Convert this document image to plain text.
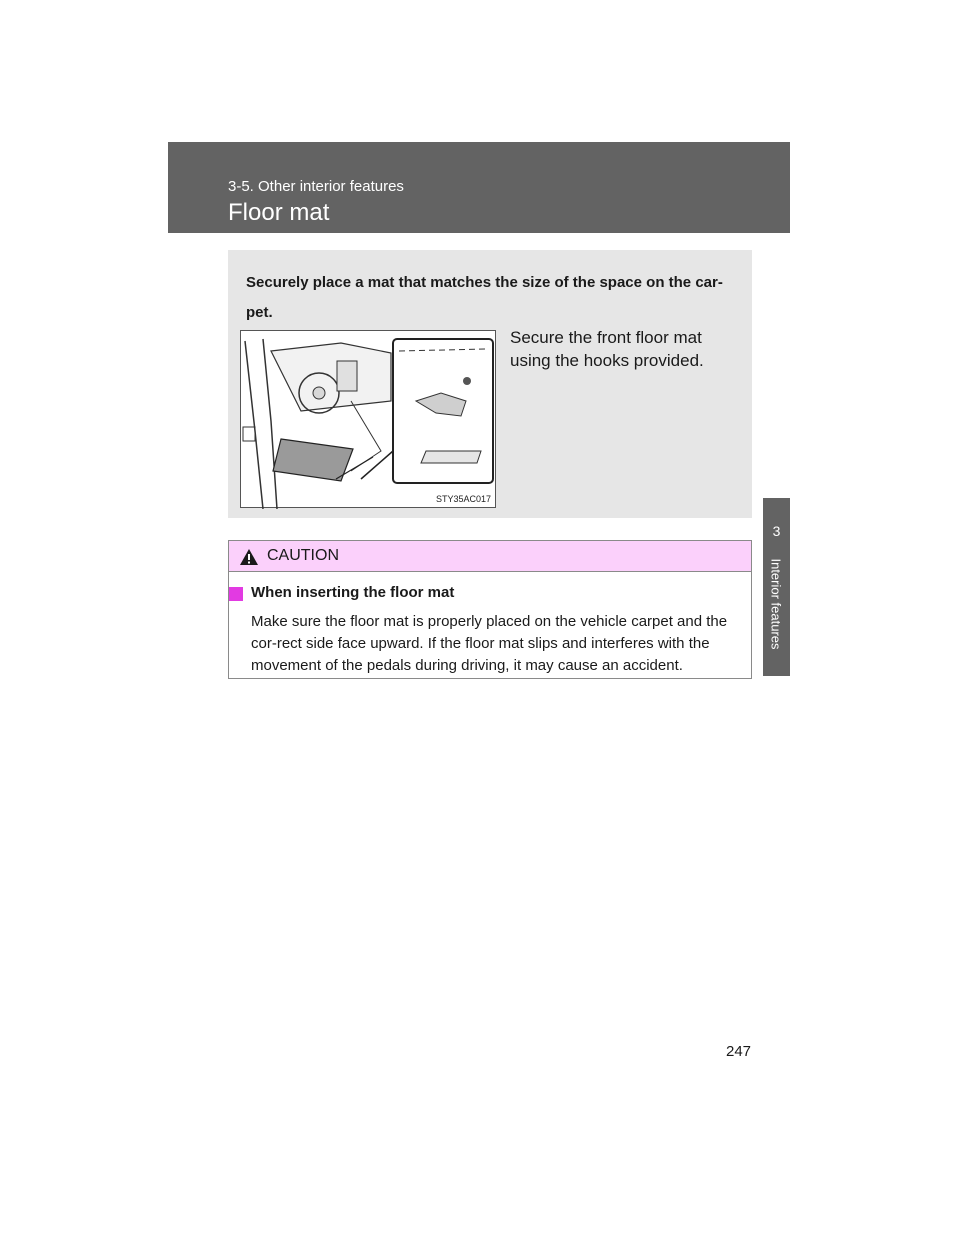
3-5. Other interior features
Floor mat
3
Interior features
Securely place a mat that matches the size of the space on the car-pet.
STY35AC017
Secure the front floor mat
using the hooks provided.
CAUTION
When inserting the floor mat
Make sure the floor mat is properly placed on the vehicle carpet and the cor-rect side face upward. If the floor mat slips and interferes with the movement of the pedals during driving, it may cause an accident.
247
